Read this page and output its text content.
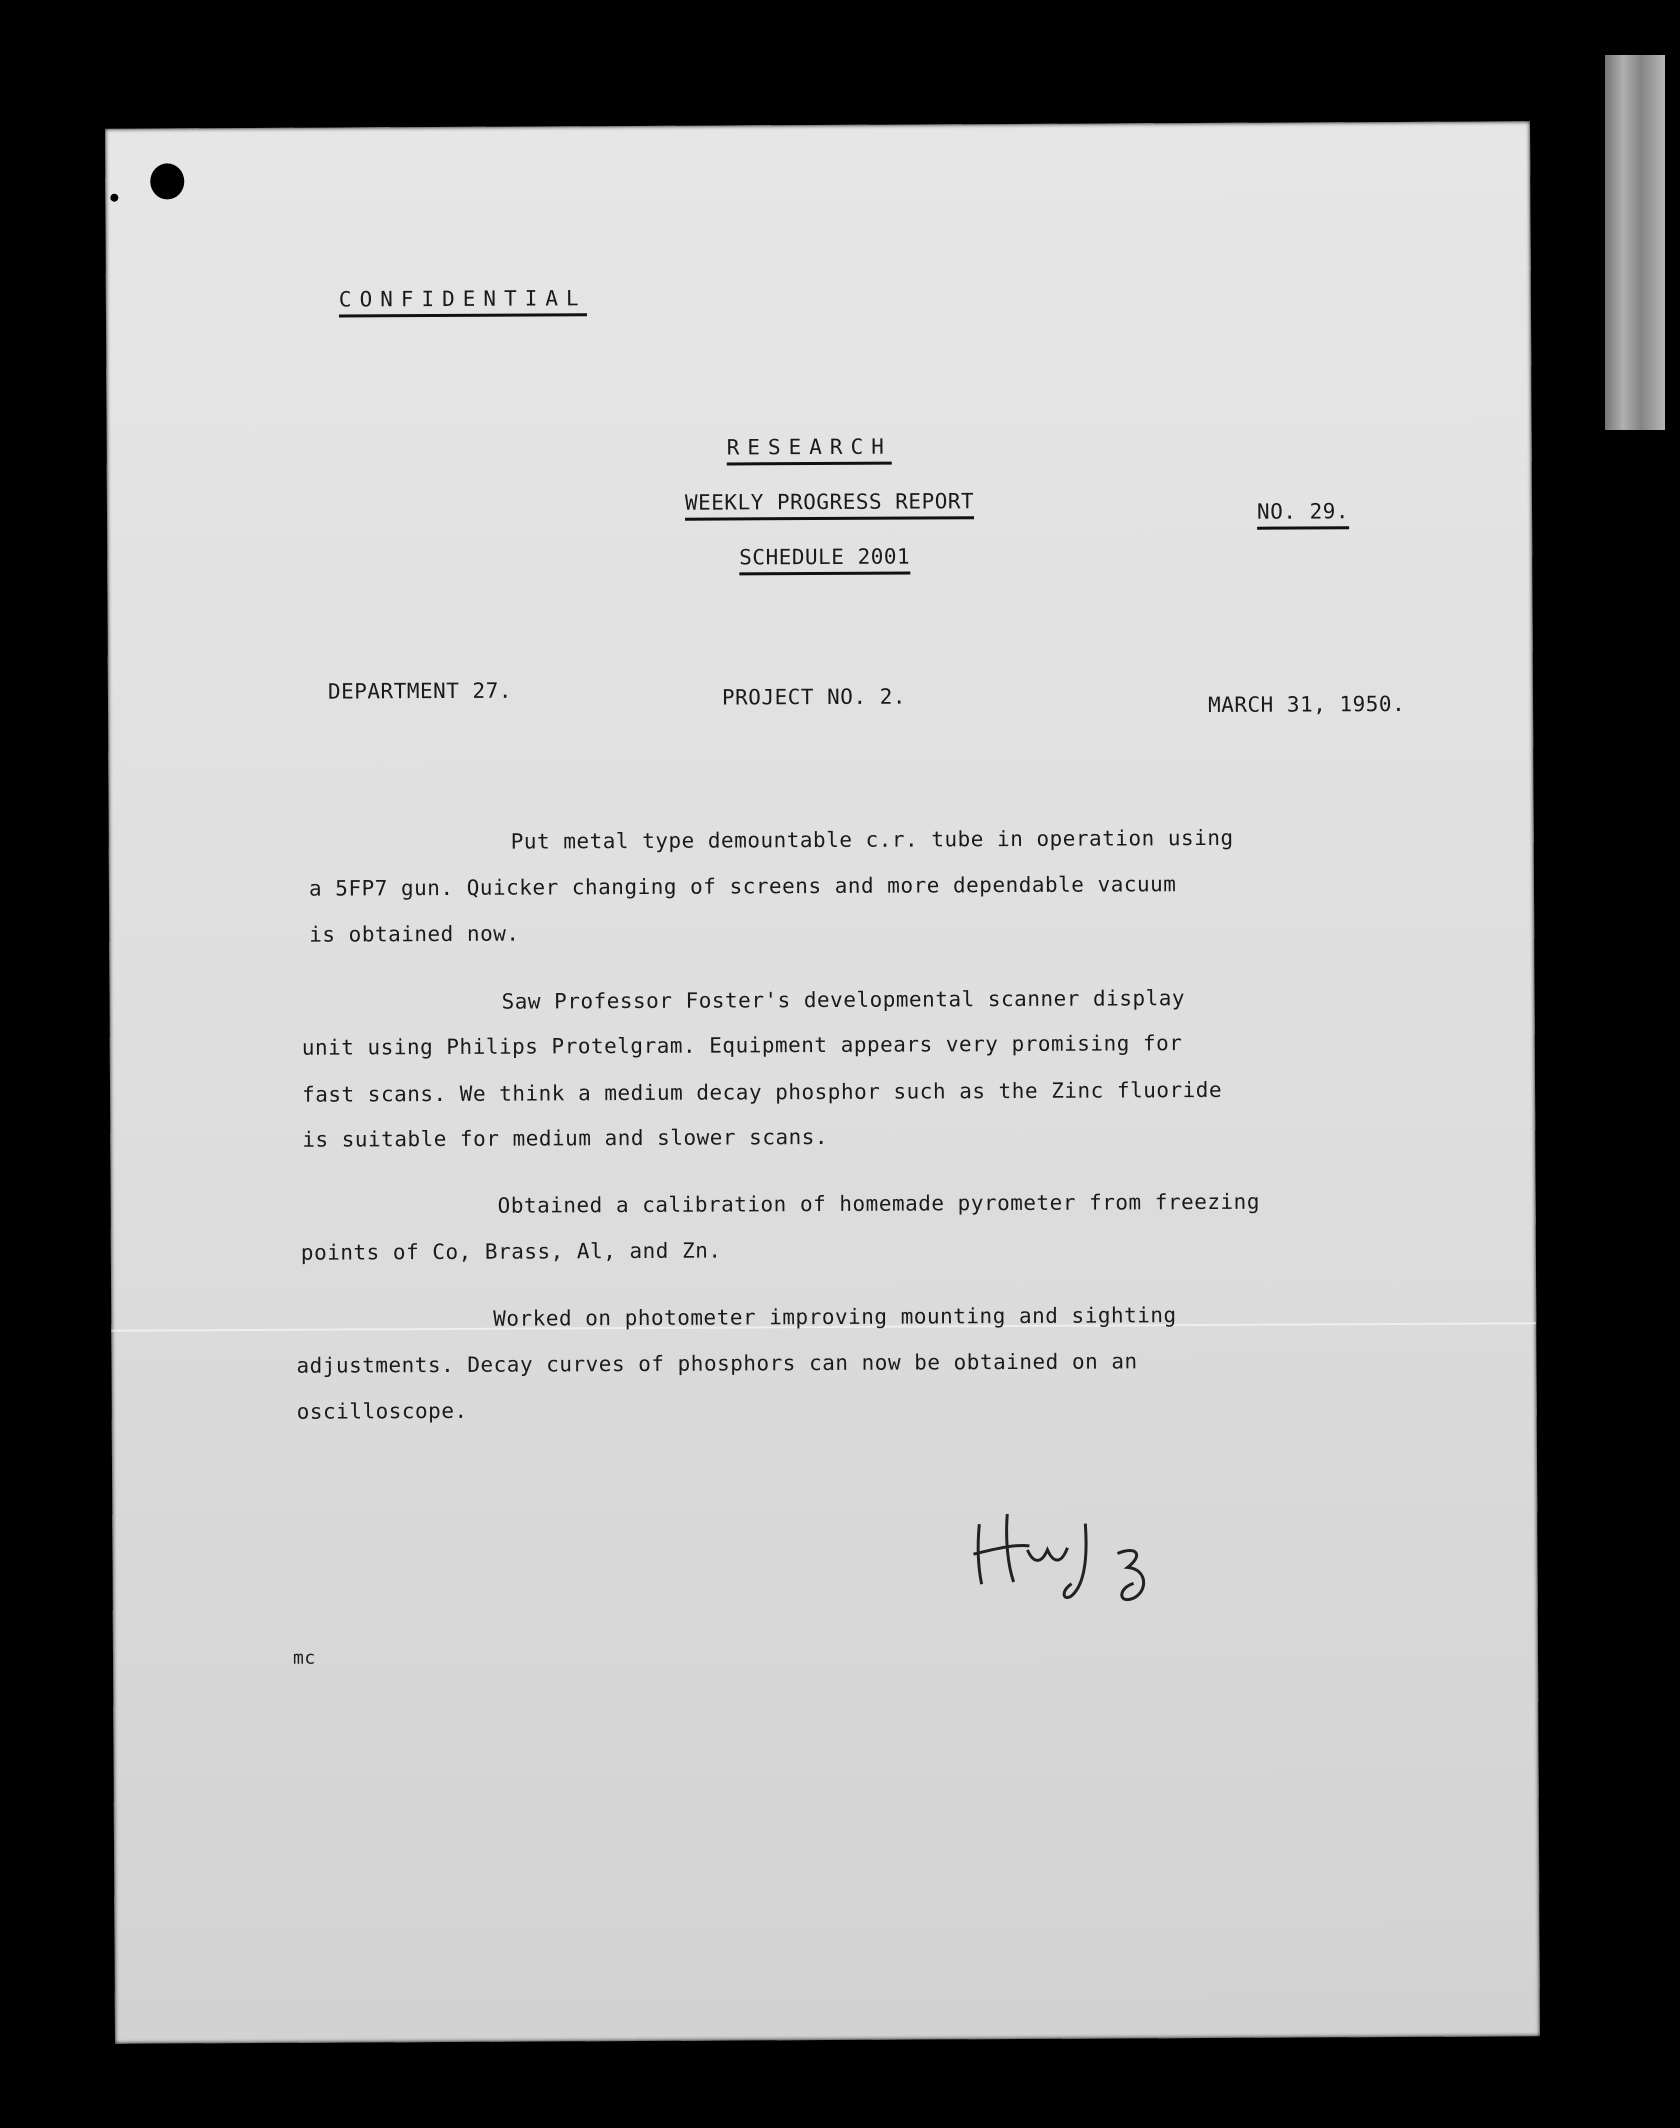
CONFIDENTIAL
RESEARCH
WEEKLY PROGRESS REPORT
SCHEDULE 2001
NO. 29.
DEPARTMENT 27.	PROJECT NO. 2.	MARCH 31, 1950.
Put metal type demountable c.r. tube in operation using
a 5FP7 gun. Quicker changing of screens and more dependable vacuum
is obtained now.
Saw Professor Foster's developmental scanner display
unit using Philips Protelgram. Equipment appears very promising for
fast scans. We think a medium decay phosphor such as the Zinc fluoride
is suitable for medium and slower scans.
Obtained a calibration of homemade pyrometer from freezing
points of Co, Brass, Al, and Zn.
Worked on photometer improving mounting and sighting
adjustments. Decay curves of phosphors can now be obtained on an
oscilloscope.
mc
